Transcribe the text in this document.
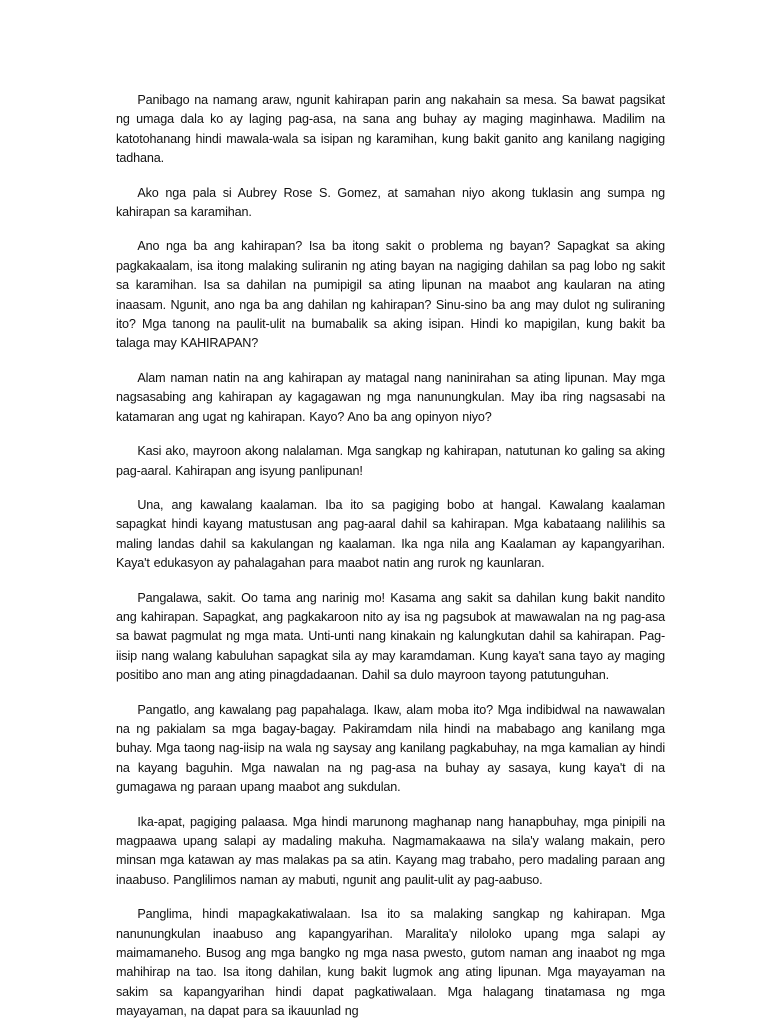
Panibago na namang araw, ngunit kahirapan parin ang nakahain sa mesa. Sa bawat pagsikat ng umaga dala ko ay laging pag-asa, na sana ang buhay ay maging maginhawa. Madilim na katotohanang hindi mawala-wala sa isipan ng karamihan, kung bakit ganito ang kanilang nagiging tadhana.

Ako nga pala si Aubrey Rose S. Gomez, at samahan niyo akong tuklasin ang sumpa ng kahirapan sa karamihan.

Ano nga ba ang kahirapan? Isa ba itong sakit o problema ng bayan? Sapagkat sa aking pagkakaalam, isa itong malaking suliranin ng ating bayan na nagiging dahilan sa pag lobo ng sakit sa karamihan. Isa sa dahilan na pumipigil sa ating lipunan na maabot ang kaularan na ating inaasam. Ngunit, ano nga ba ang dahilan ng kahirapan? Sinu-sino ba ang may dulot ng suliraning ito? Mga tanong na paulit-ulit na bumabalik sa aking isipan. Hindi ko mapigilan, kung bakit ba talaga may KAHIRAPAN?

Alam naman natin na ang kahirapan ay matagal nang naninirahan sa ating lipunan. May mga nagsasabing ang kahirapan ay kagagawan ng mga nanunungkulan. May iba ring nagsasabi na katamaran ang ugat ng kahirapan. Kayo? Ano ba ang opinyon niyo?

Kasi ako, mayroon akong nalalaman. Mga sangkap ng kahirapan, natutunan ko galing sa aking pag-aaral. Kahirapan ang isyung panlipunan!

Una, ang kawalang kaalaman. Iba ito sa pagiging bobo at hangal. Kawalang kaalaman sapagkat hindi kayang matustusan ang pag-aaral dahil sa kahirapan. Mga kabataang nalilihis sa maling landas dahil sa kakulangan ng kaalaman. Ika nga nila ang Kaalaman ay kapangyarihan. Kaya't edukasyon ay pahalagahan para maabot natin ang rurok ng kaunlaran.

Pangalawa, sakit. Oo tama ang narinig mo! Kasama ang sakit sa dahilan kung bakit nandito ang kahirapan. Sapagkat, ang pagkakaroon nito ay isa ng pagsubok at mawawalan na ng pag-asa sa bawat pagmulat ng mga mata. Unti-unti nang kinakain ng kalungkutan dahil sa kahirapan. Pag-iisip nang walang kabuluhan sapagkat sila ay may karamdaman. Kung kaya't sana tayo ay maging positibo ano man ang ating pinagdadaanan. Dahil sa dulo mayroon tayong patutunguhan.

Pangatlo, ang kawalang pag papahalaga. Ikaw, alam moba ito? Mga indibidwal na nawawalan na ng pakialam sa mga bagay-bagay. Pakiramdam nila hindi na mababago ang kanilang mga buhay. Mga taong nag-iisip na wala ng saysay ang kanilang pagkabuhay, na mga kamalian ay hindi na kayang baguhin. Mga nawalan na ng pag-asa na buhay ay sasaya, kung kaya't di na gumagawa ng paraan upang maabot ang sukdulan.

Ika-apat, pagiging palaasa. Mga hindi marunong maghanap nang hanapbuhay, mga pinipili na magpaawa upang salapi ay madaling makuha. Nagmamakaawa na sila'y walang makain, pero minsan mga katawan ay mas malakas pa sa atin. Kayang mag trabaho, pero madaling paraan ang inaabuso. Panglilimos naman ay mabuti, ngunit ang paulit-ulit ay pag-aabuso.

Panglima, hindi mapagkakatiwalaan. Isa ito sa malaking sangkap ng kahirapan. Mga nanunungkulan inaabuso ang kapangyarihan. Maralita'y niloloko upang mga salapi ay maimamaneho. Busog ang mga bangko ng mga nasa pwesto, gutom naman ang inaabot ng mga mahihirap na tao. Isa itong dahilan, kung bakit lugmok ang ating lipunan. Mga mayayaman na sakim sa kapangyarihan hindi dapat pagkatiwalaan. Mga halagang tinatamasa ng mga mayayaman, na dapat para sa ikauunlad ng
